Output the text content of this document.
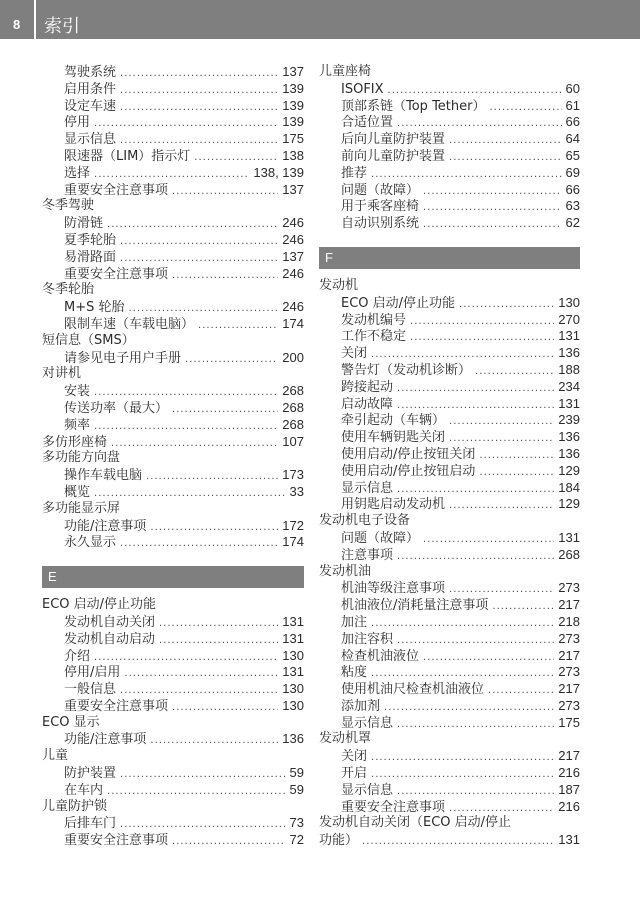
8	索引
驾驶系统 .....	137
启用条件 .....	139
设定车速 .....	139
停用 .....	139
显示信息 .....	175
限速器（LIM）指示灯 .....	138
选择 .....	138, 139
重要安全注意事项 .....	137
冬季驾驶
防滑链 .....	246
夏季轮胎 .....	246
易滑路面 .....	137
重要安全注意事项 .....	246
冬季轮胎
M+S 轮胎 .....	246
限制车速（车载电脑） .....	174
短信息（SMS）
请参见电子用户手册 .....	200
对讲机
安装 .....	268
传送功率（最大） .....	268
频率 .....	268
多仿形座椅 .....	107
多功能方向盘
操作车载电脑 .....	173
概览 .....	33
多功能显示屏
功能/注意事项 .....	172
永久显示 .....	174
E
ECO 启动/停止功能
发动机自动关闭 .....	131
发动机自动启动 .....	131
介绍 .....	130
停用/启用 .....	131
一般信息 .....	130
重要安全注意事项 .....	130
ECO 显示
功能/注意事项 .....	136
儿童
防护装置 .....	59
在车内 .....	59
儿童防护锁
后排车门 .....	73
重要安全注意事项 .....	72
儿童座椅
ISOFIX .....	60
顶部系链（Top Tether） .....	61
合适位置 .....	66
后向儿童防护装置 .....	64
前向儿童防护装置 .....	65
推荐 .....	69
问题（故障） .....	66
用于乘客座椅 .....	63
自动识别系统 .....	62
F
发动机
ECO 启动/停止功能 .....	130
发动机编号 .....	270
工作不稳定 .....	131
关闭 .....	136
警告灯（发动机诊断） .....	188
跨接起动 .....	234
启动故障 .....	131
牵引起动（车辆） .....	239
使用车辆钥匙关闭 .....	136
使用启动/停止按钮关闭 .....	136
使用启动/停止按钮启动 .....	129
显示信息 .....	184
用钥匙启动发动机 .....	129
发动机电子设备
问题（故障） .....	131
注意事项 .....	268
发动机油
机油等级注意事项 .....	273
机油液位/消耗量注意事项 .....	217
加注 .....	218
加注容积 .....	273
检查机油液位 .....	217
粘度 .....	273
使用机油尺检查机油液位 .....	217
添加剂 .....	273
显示信息 .....	175
发动机罩
关闭 .....	217
开启 .....	216
显示信息 .....	187
重要安全注意事项 .....	216
发动机自动关闭（ECO 启动/停止
功能） .....	131
